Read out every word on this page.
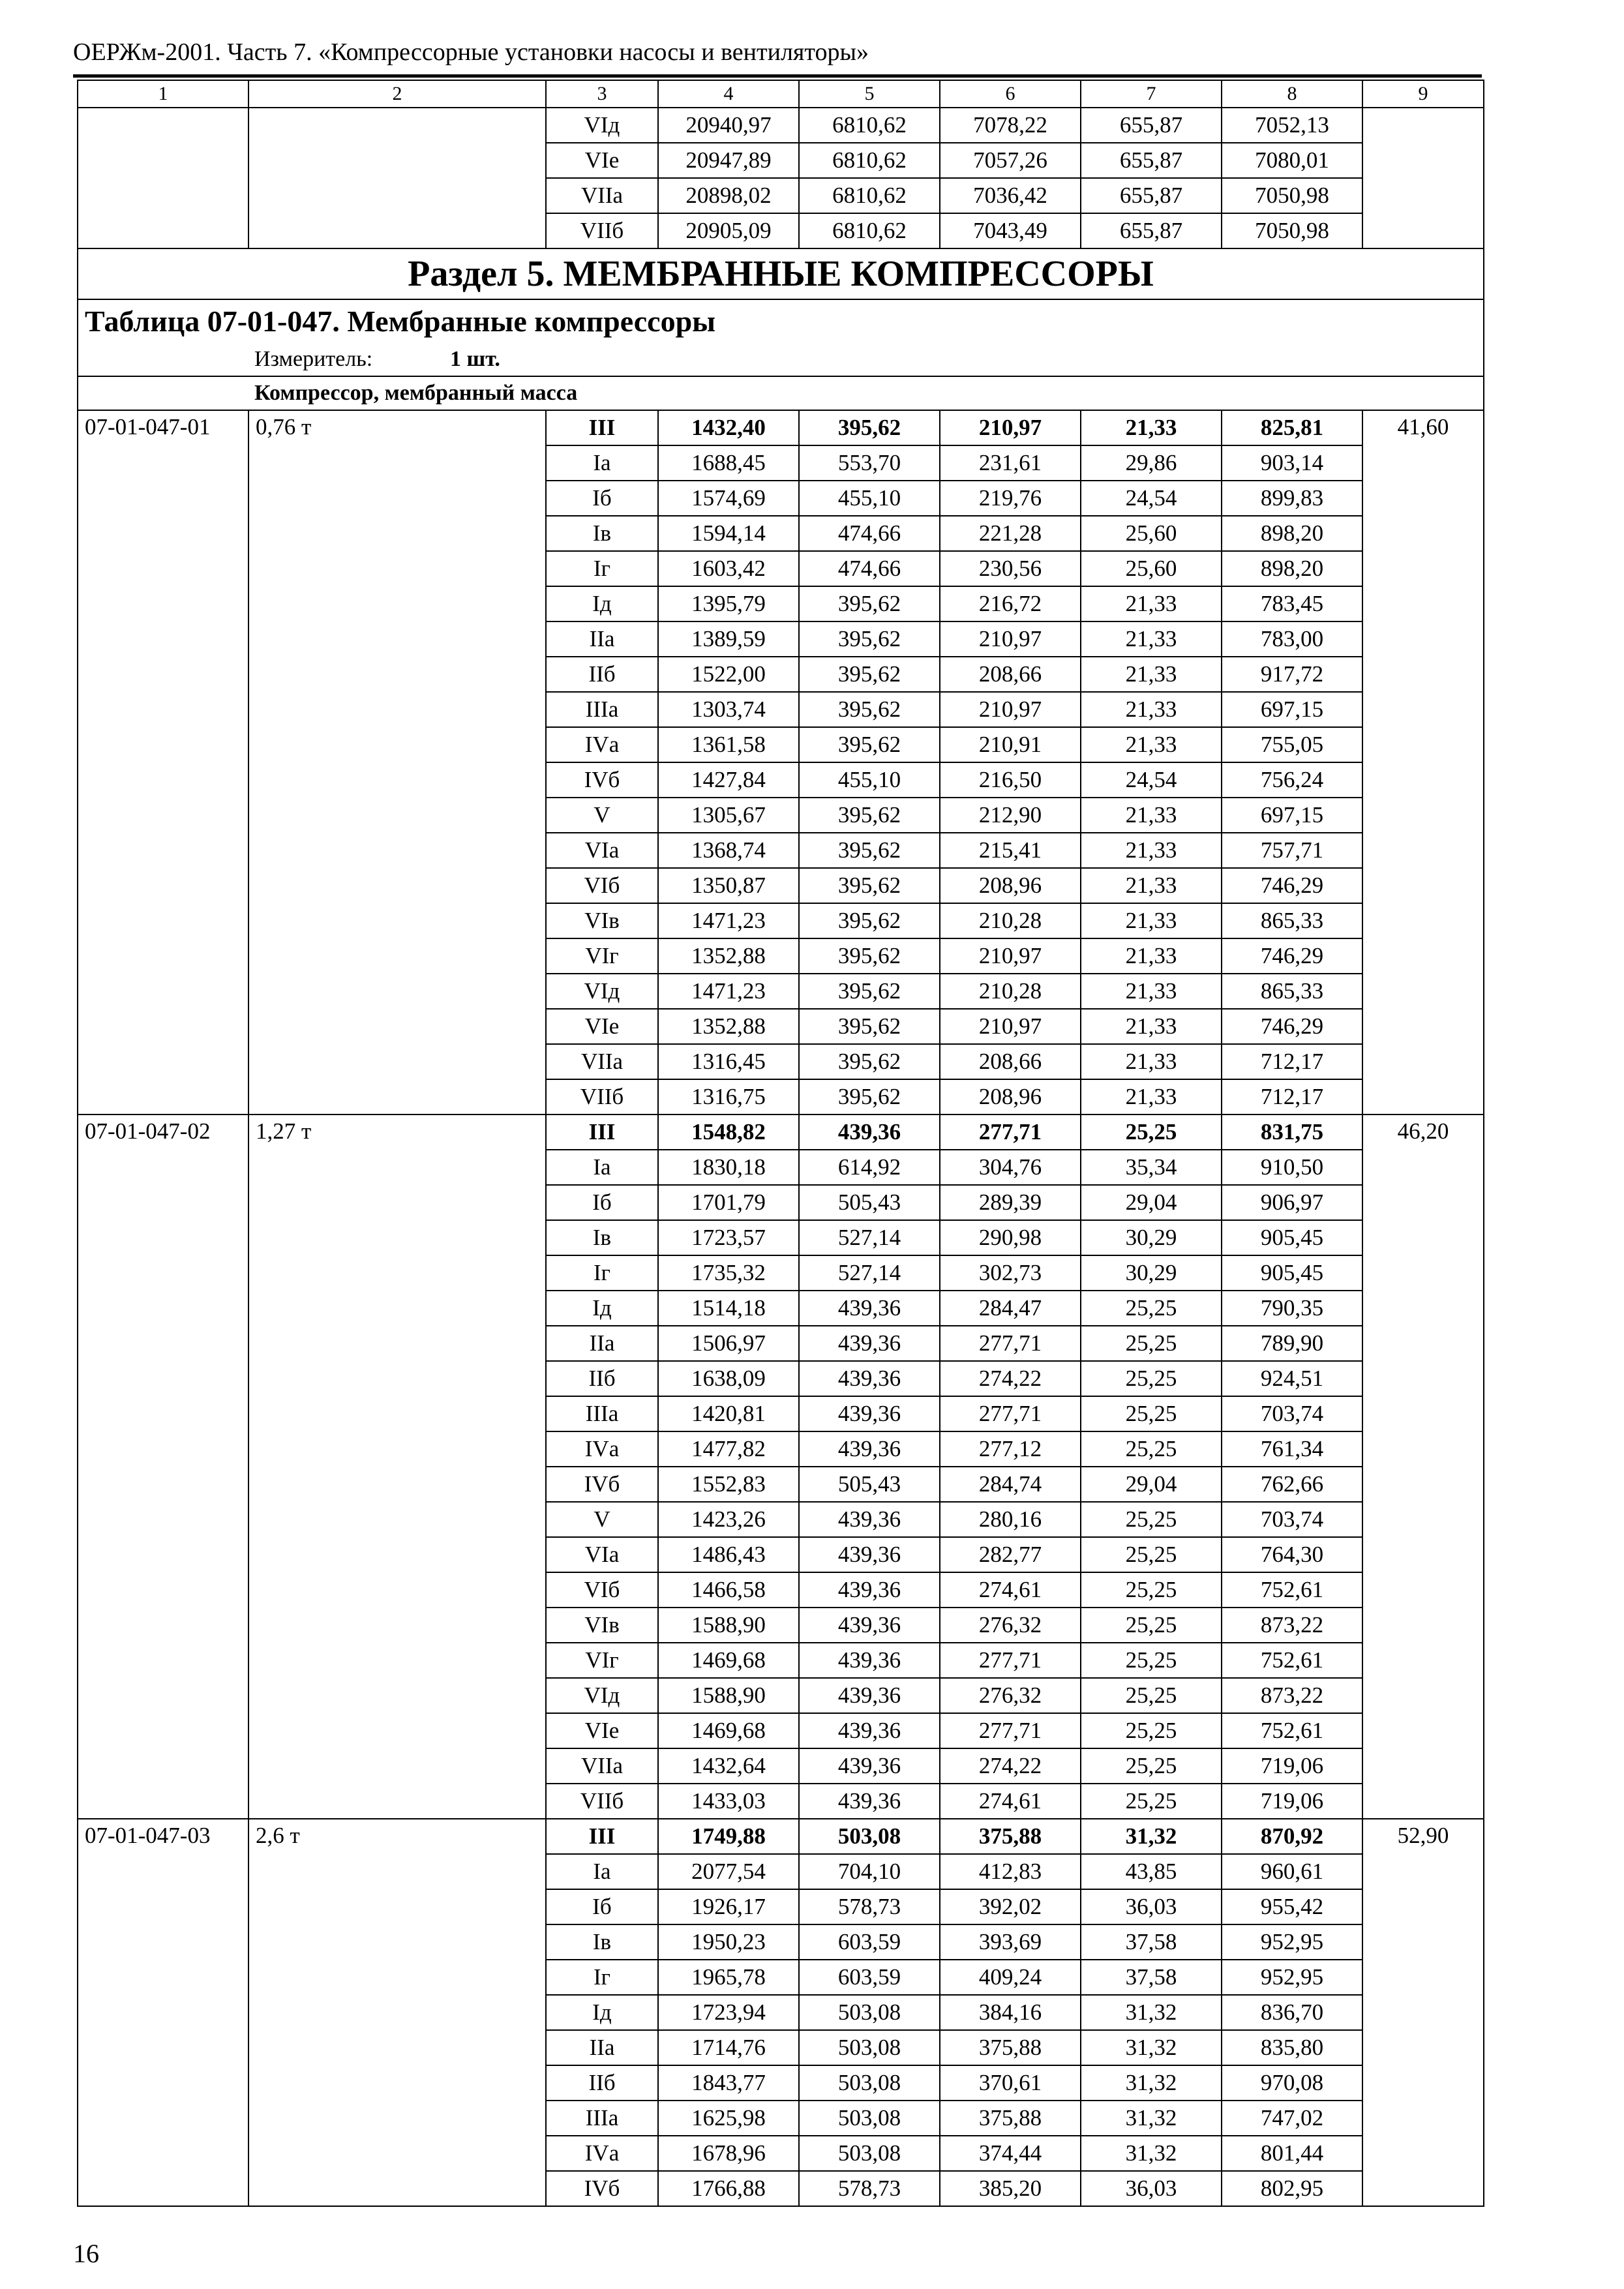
ОЕРЖм-2001. Часть 7. «Компрессорные установки насосы и вентиляторы»
1	2	3	4	5	6	7	8	9
		VIд	20940,97	6810,62	7078,22	655,87	7052,13	
		VIе	20947,89	6810,62	7057,26	655,87	7080,01	
		VIIа	20898,02	6810,62	7036,42	655,87	7050,98	
		VIIб	20905,09	6810,62	7043,49	655,87	7050,98	
Раздел 5. МЕМБРАННЫЕ КОМПРЕССОРЫ								
Таблица 07-01-047. Мембранные компрессоры								
Измеритель: 1 шт.								
Компрессор, мембранный масса								
07-01-047-01	0,76 т	III	1432,40	395,62	210,97	21,33	825,81	41,60
		Iа	1688,45	553,70	231,61	29,86	903,14	
		Iб	1574,69	455,10	219,76	24,54	899,83	
		Iв	1594,14	474,66	221,28	25,60	898,20	
		Iг	1603,42	474,66	230,56	25,60	898,20	
		Iд	1395,79	395,62	216,72	21,33	783,45	
		IIа	1389,59	395,62	210,97	21,33	783,00	
		IIб	1522,00	395,62	208,66	21,33	917,72	
		IIIа	1303,74	395,62	210,97	21,33	697,15	
		IVа	1361,58	395,62	210,91	21,33	755,05	
		IVб	1427,84	455,10	216,50	24,54	756,24	
		V	1305,67	395,62	212,90	21,33	697,15	
		VIа	1368,74	395,62	215,41	21,33	757,71	
		VIб	1350,87	395,62	208,96	21,33	746,29	
		VIв	1471,23	395,62	210,28	21,33	865,33	
		VIг	1352,88	395,62	210,97	21,33	746,29	
		VIд	1471,23	395,62	210,28	21,33	865,33	
		VIе	1352,88	395,62	210,97	21,33	746,29	
		VIIа	1316,45	395,62	208,66	21,33	712,17	
		VIIб	1316,75	395,62	208,96	21,33	712,17	
07-01-047-02	1,27 т	III	1548,82	439,36	277,71	25,25	831,75	46,20
		Iа	1830,18	614,92	304,76	35,34	910,50	
		Iб	1701,79	505,43	289,39	29,04	906,97	
		Iв	1723,57	527,14	290,98	30,29	905,45	
		Iг	1735,32	527,14	302,73	30,29	905,45	
		Iд	1514,18	439,36	284,47	25,25	790,35	
		IIа	1506,97	439,36	277,71	25,25	789,90	
		IIб	1638,09	439,36	274,22	25,25	924,51	
		IIIа	1420,81	439,36	277,71	25,25	703,74	
		IVа	1477,82	439,36	277,12	25,25	761,34	
		IVб	1552,83	505,43	284,74	29,04	762,66	
		V	1423,26	439,36	280,16	25,25	703,74	
		VIа	1486,43	439,36	282,77	25,25	764,30	
		VIб	1466,58	439,36	274,61	25,25	752,61	
		VIв	1588,90	439,36	276,32	25,25	873,22	
		VIг	1469,68	439,36	277,71	25,25	752,61	
		VIд	1588,90	439,36	276,32	25,25	873,22	
		VIе	1469,68	439,36	277,71	25,25	752,61	
		VIIа	1432,64	439,36	274,22	25,25	719,06	
		VIIб	1433,03	439,36	274,61	25,25	719,06	
07-01-047-03	2,6 т	III	1749,88	503,08	375,88	31,32	870,92	52,90
		Iа	2077,54	704,10	412,83	43,85	960,61	
		Iб	1926,17	578,73	392,02	36,03	955,42	
		Iв	1950,23	603,59	393,69	37,58	952,95	
		Iг	1965,78	603,59	409,24	37,58	952,95	
		Iд	1723,94	503,08	384,16	31,32	836,70	
		IIа	1714,76	503,08	375,88	31,32	835,80	
		IIб	1843,77	503,08	370,61	31,32	970,08	
		IIIа	1625,98	503,08	375,88	31,32	747,02	
		IVа	1678,96	503,08	374,44	31,32	801,44	
		IVб	1766,88	578,73	385,20	36,03	802,95	
16
